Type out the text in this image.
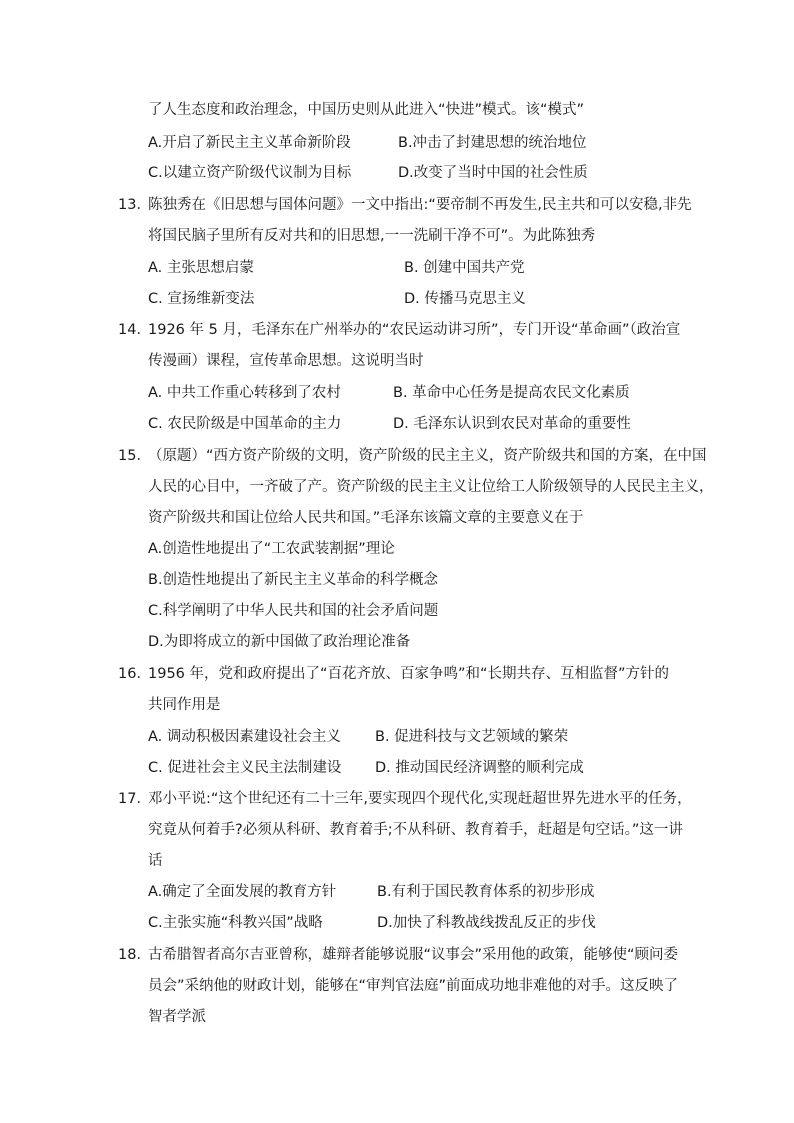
了人生态度和政治理念，中国历史则从此进入“快进”模式。该“模式”
A.开启了新民主主义革命新阶段	B.冲击了封建思想的统治地位
C.以建立资产阶级代议制为目标	D.改变了当时中国的社会性质
13．
陈独秀在《旧思想与国体问题》一文中指出:“要帝制不再发生,民主共和可以安稳,非先
将国民脑子里所有反对共和的旧思想,一一洗刷干净不可”。为此陈独秀
A. 主张思想启蒙	B. 创建中国共产党
C. 宣扬维新变法	D. 传播马克思主义
14．
1926 年 5 月，毛泽东在广州举办的“农民运动讲习所”，专门开设“革命画”（政治宣
传漫画）课程，宣传革命思想。这说明当时
A. 中共工作重心转移到了农村	B. 革命中心任务是提高农民文化素质
C. 农民阶级是中国革命的主力	D. 毛泽东认识到农民对革命的重要性
15．
（原题）“西方资产阶级的文明，资产阶级的民主主义，资产阶级共和国的方案，在中国
人民的心目中，一齐破了产。资产阶级的民主主义让位给工人阶级领导的人民民主主义，
资产阶级共和国让位给人民共和国。”毛泽东该篇文章的主要意义在于
A.创造性地提出了“工农武装割据”理论
B.创造性地提出了新民主主义革命的科学概念
C.科学阐明了中华人民共和国的社会矛盾问题
D.为即将成立的新中国做了政治理论准备
16．
1956 年，党和政府提出了“百花齐放、百家争鸣”和“长期共存、互相监督”方针的
共同作用是
A. 调动积极因素建设社会主义 B. 促进科技与文艺领域的繁荣
C. 促进社会主义民主法制建设 D. 推动国民经济调整的顺利完成
17．
邓小平说:“这个世纪还有二十三年,要实现四个现代化,实现赶超世界先进水平的任务，
究竟从何着手?必须从科研、教育着手;不从科研、教育着手，赶超是句空话。”这一讲
话
A.确定了全面发展的教育方针	B.有利于国民教育体系的初步形成
C.主张实施“科教兴国”战略	D.加快了科教战线拨乱反正的步伐
18．
古希腊智者高尔吉亚曾称，雄辩者能够说服“议事会”采用他的政策，能够使“顾问委
员会”采纳他的财政计划，能够在“审判官法庭”前面成功地非难他的对手。这反映了
智者学派
